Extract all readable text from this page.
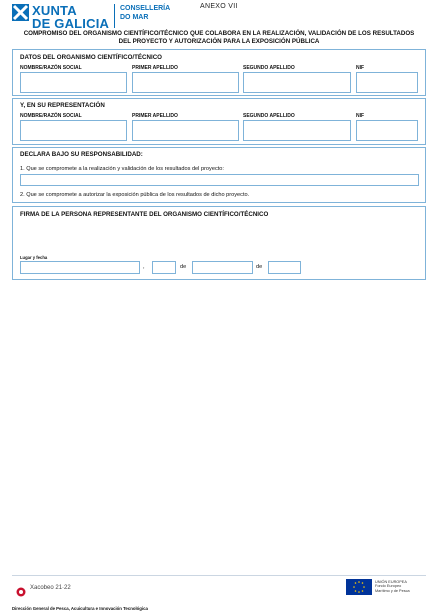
XUNTA
DE GALICIA
CONSELLERÍA
DO MAR
ANEXO VII
COMPROMISO DEL ORGANISMO CIENTÍFICO/TÉCNICO QUE COLABORA EN LA REALIZACIÓN, VALIDACIÓN DE LOS RESULTADOS
DEL PROYECTO Y AUTORIZACIÓN PARA LA EXPOSICIÓN PÚBLICA
DATOS DEL ORGANISMO CIENTÍFICO/TÉCNICO
NOMBRE/RAZÓN SOCIAL	PRIMER APELLIDO	SEGUNDO APELLIDO	NIF
Y, EN SU REPRESENTACIÓN
NOMBRE/RAZÓN SOCIAL	PRIMER APELLIDO	SEGUNDO APELLIDO	NIF
DECLARA BAJO SU RESPONSABILIDAD:
1. Que se compromete a la realización y validación de los resultados del proyecto:
2. Que se compromete a autorizar la exposición pública de los resultados de dicho proyecto.
FIRMA DE LA PERSONA REPRESENTANTE DEL ORGANISMO CIENTÍFICO/TÉCNICO
Lugar y fecha
,	de	de
Xacobeo 21·22
UNIÓN EUROPEA
Fondo Europeo
Marítimo y de Pesca
Dirección General de Pesca, Acuicultura e Innovación Tecnológica
